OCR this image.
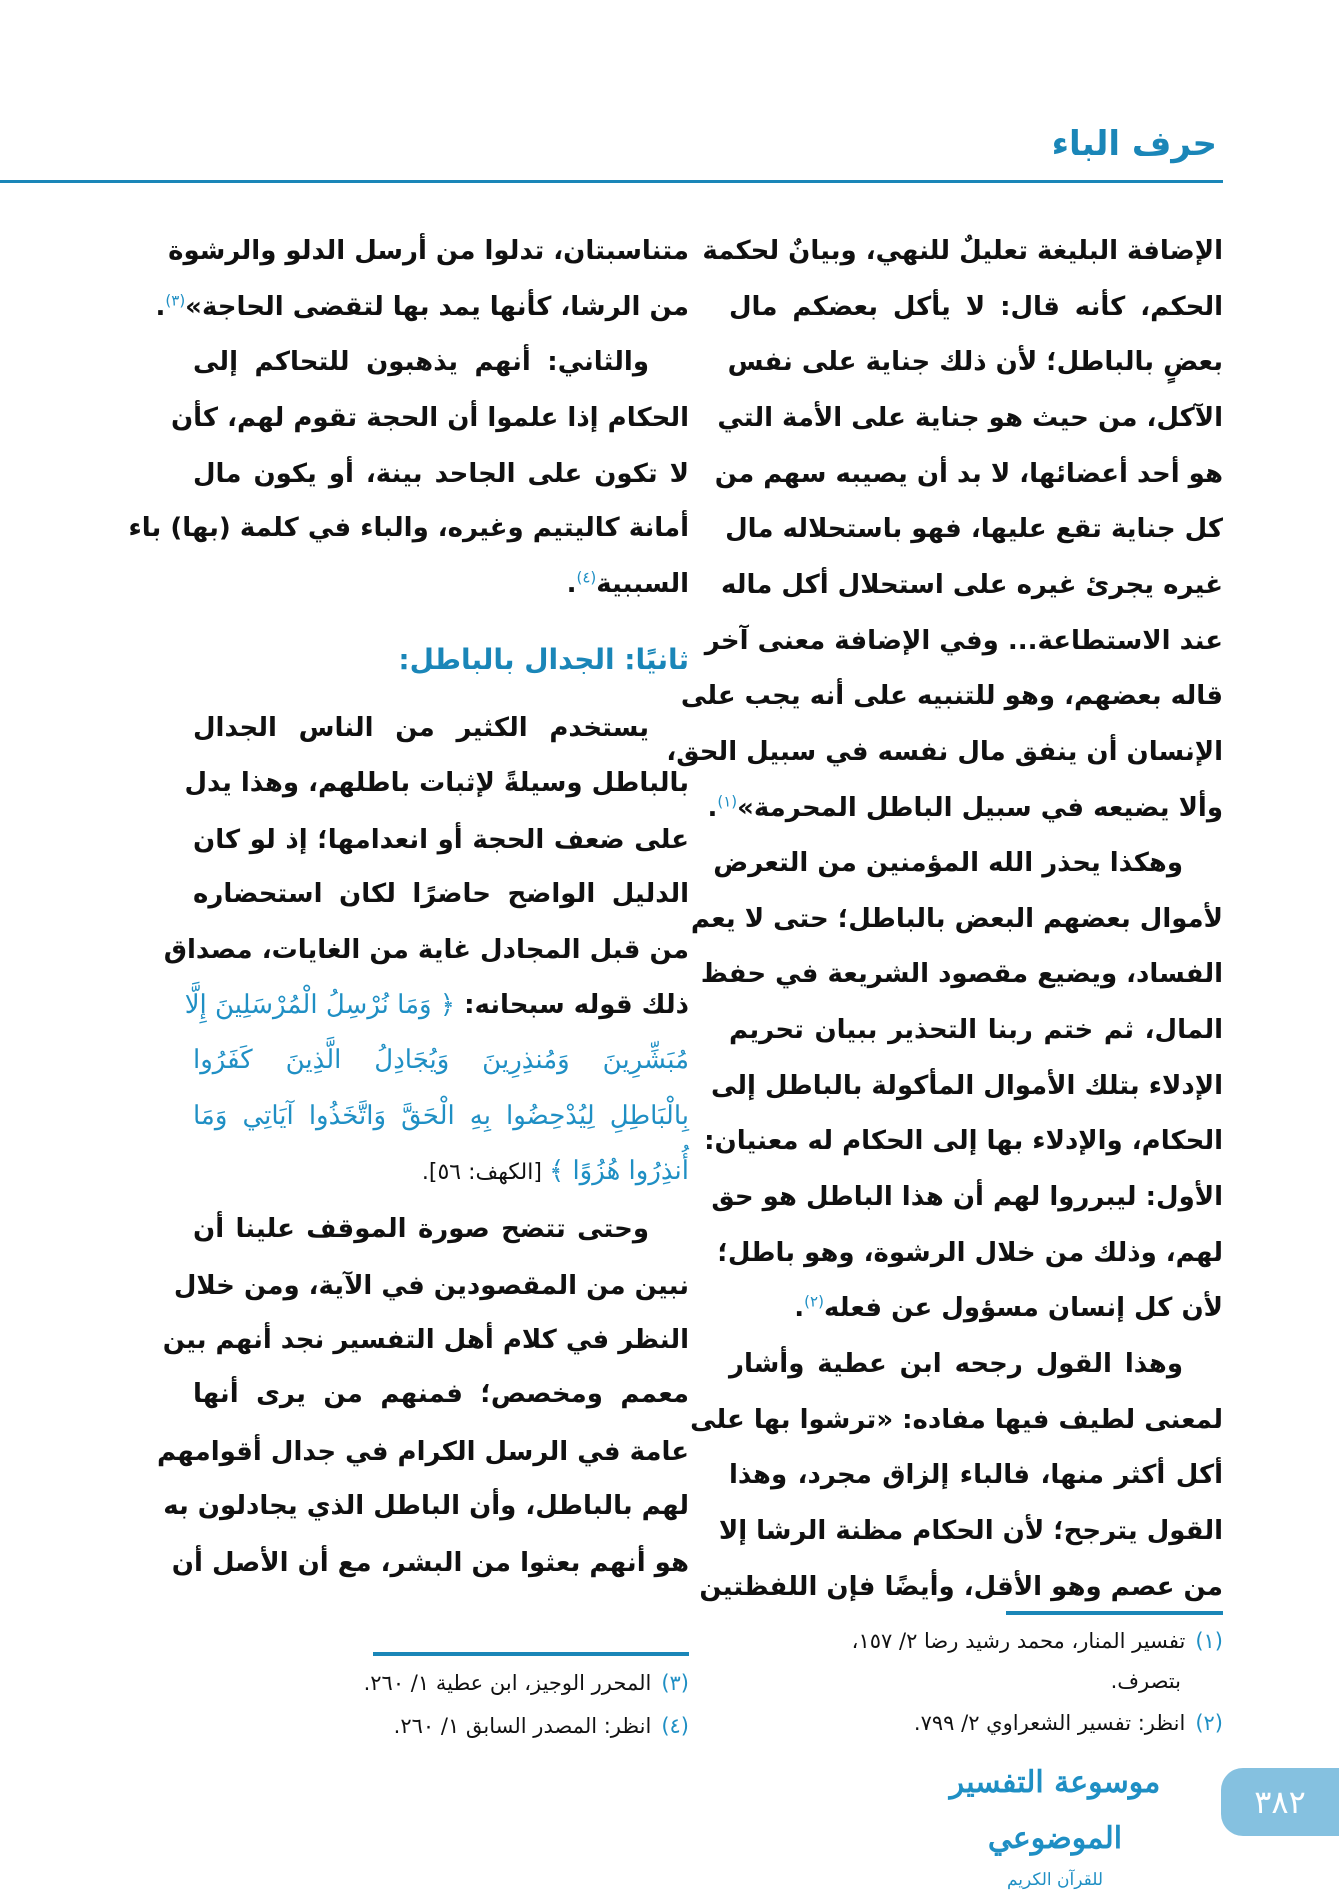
حرف الباء
الإضافة البليغة تعليلٌ للنهي، وبيانٌ لحكمة
الحكم، كأنه قال: لا يأكل بعضكم مال
بعضٍ بالباطل؛ لأن ذلك جناية على نفس
الآكل، من حيث هو جناية على الأمة التي
هو أحد أعضائها، لا بد أن يصيبه سهم من
كل جناية تقع عليها، فهو باستحلاله مال
غيره يجرئ غيره على استحلال أكل ماله
عند الاستطاعة... وفي الإضافة معنى آخر
قاله بعضهم، وهو للتنبيه على أنه يجب على
الإنسان أن ينفق مال نفسه في سبيل الحق،
وألا يضيعه في سبيل الباطل المحرمة»$^{(١)}$.
وهكذا يحذر الله المؤمنين من التعرض
لأموال بعضهم البعض بالباطل؛ حتى لا يعم
الفساد، ويضيع مقصود الشريعة في حفظ
المال، ثم ختم ربنا التحذير ببيان تحريم
الإدلاء بتلك الأموال المأكولة بالباطل إلى
الحكام، والإدلاء بها إلى الحكام له معنيان:
الأول: ليبرروا لهم أن هذا الباطل هو حق
لهم، وذلك من خلال الرشوة، وهو باطل؛
لأن كل إنسان مسؤول عن فعله$^{(٢)}$.
وهذا القول رجحه ابن عطية وأشار
لمعنى لطيف فيها مفاده: «ترشوا بها على
أكل أكثر منها، فالباء إلزاق مجرد، وهذا
القول يترجح؛ لأن الحكام مظنة الرشا إلا
من عصم وهو الأقل، وأيضًا فإن اللفظتين
متناسبتان، تدلوا من أرسل الدلو والرشوة
من الرشا، كأنها يمد بها لتقضى الحاجة»$^{(٣)}$.
والثاني: أنهم يذهبون للتحاكم إلى
الحكام إذا علموا أن الحجة تقوم لهم، كأن
لا تكون على الجاحد بينة، أو يكون مال
أمانة كاليتيم وغيره، والباء في كلمة (بها) باء
السببية$^{(٤)}$.
ثانيًا: الجدال بالباطل:
يستخدم الكثير من الناس الجدال
بالباطل وسيلةً لإثبات باطلهم، وهذا يدل
على ضعف الحجة أو انعدامها؛ إذ لو كان
الدليل الواضح حاضرًا لكان استحضاره
من قبل المجادل غاية من الغايات، مصداق
ذلك قوله سبحانه: ﴿ وَمَا نُرْسِلُ الْمُرْسَلِينَ إِلَّا
مُبَشِّرِينَ وَمُنذِرِينَ وَيُجَادِلُ الَّذِينَ كَفَرُوا
بِالْبَاطِلِ لِيُدْحِضُوا بِهِ الْحَقَّ وَاتَّخَذُوا آيَاتِي وَمَا
أُنذِرُوا هُزُوًا ﴾ [الكهف: ٥٦].
وحتى تتضح صورة الموقف علينا أن
نبين من المقصودين في الآية، ومن خلال
النظر في كلام أهل التفسير نجد أنهم بين
معمم ومخصص؛ فمنهم من يرى أنها
عامة في الرسل الكرام في جدال أقوامهم
لهم بالباطل، وأن الباطل الذي يجادلون به
هو أنهم بعثوا من البشر، مع أن الأصل أن
(١)تفسير المنار، محمد رشيد رضا ٢/ ١٥٧،
بتصرف.
(٢)انظر: تفسير الشعراوي ٢/ ٧٩٩.
(٣)المحرر الوجيز، ابن عطية ١/ ٢٦٠.
(٤)انظر: المصدر السابق ١/ ٢٦٠.
موسوعة التفسير الموضوعي
للقرآن الكريم
٣٨٢
